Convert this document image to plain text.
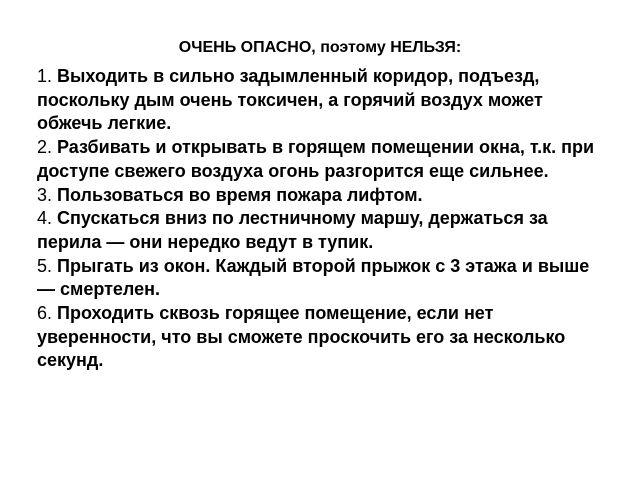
ОЧЕНЬ ОПАСНО, поэтому НЕЛЬЗЯ:

1. Выходить в сильно задымленный коридор, подъезд, поскольку дым очень токсичен, а горячий воздух может обжечь легкие.

2. Разбивать и открывать в горящем помещении окна, т.к. при доступе свежего воздуха огонь разгорится еще сильнее.

3. Пользоваться во время пожара лифтом.

4. Спускаться вниз по лестничному маршу, держаться за перила — они нередко ведут в тупик.

5. Прыгать из окон. Каждый второй прыжок с 3 этажа и выше — смертелен.

6. Проходить сквозь горящее помещение, если нет уверенности, что вы сможете проскочить его за несколько секунд.
